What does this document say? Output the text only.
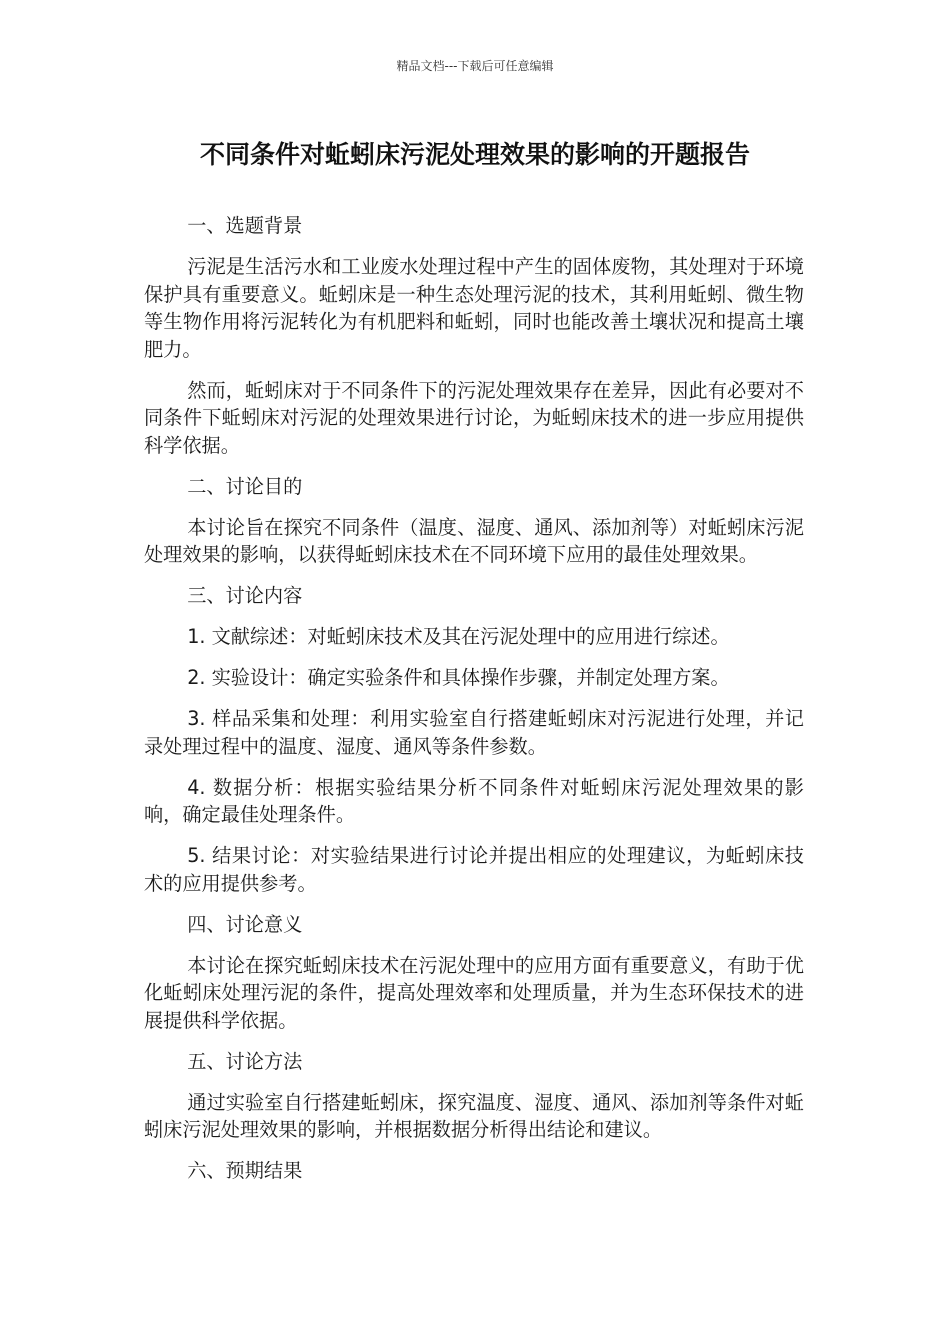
精品文档---下载后可任意编辑
不同条件对蚯蚓床污泥处理效果的影响的开题报告

一、选题背景

污泥是生活污水和工业废水处理过程中产生的固体废物，其处理对于环境保护具有重要意义。蚯蚓床是一种生态处理污泥的技术，其利用蚯蚓、微生物等生物作用将污泥转化为有机肥料和蚯蚓，同时也能改善土壤状况和提高土壤肥力。

然而，蚯蚓床对于不同条件下的污泥处理效果存在差异，因此有必要对不同条件下蚯蚓床对污泥的处理效果进行讨论，为蚯蚓床技术的进一步应用提供科学依据。

二、讨论目的

本讨论旨在探究不同条件（温度、湿度、通风、添加剂等）对蚯蚓床污泥处理效果的影响，以获得蚯蚓床技术在不同环境下应用的最佳处理效果。

三、讨论内容

1. 文献综述：对蚯蚓床技术及其在污泥处理中的应用进行综述。

2. 实验设计：确定实验条件和具体操作步骤，并制定处理方案。

3. 样品采集和处理：利用实验室自行搭建蚯蚓床对污泥进行处理，并记录处理过程中的温度、湿度、通风等条件参数。

4. 数据分析：根据实验结果分析不同条件对蚯蚓床污泥处理效果的影响，确定最佳处理条件。

5. 结果讨论：对实验结果进行讨论并提出相应的处理建议，为蚯蚓床技术的应用提供参考。

四、讨论意义

本讨论在探究蚯蚓床技术在污泥处理中的应用方面有重要意义，有助于优化蚯蚓床处理污泥的条件，提高处理效率和处理质量，并为生态环保技术的进展提供科学依据。

五、讨论方法

通过实验室自行搭建蚯蚓床，探究温度、湿度、通风、添加剂等条件对蚯蚓床污泥处理效果的影响，并根据数据分析得出结论和建议。

六、预期结果
